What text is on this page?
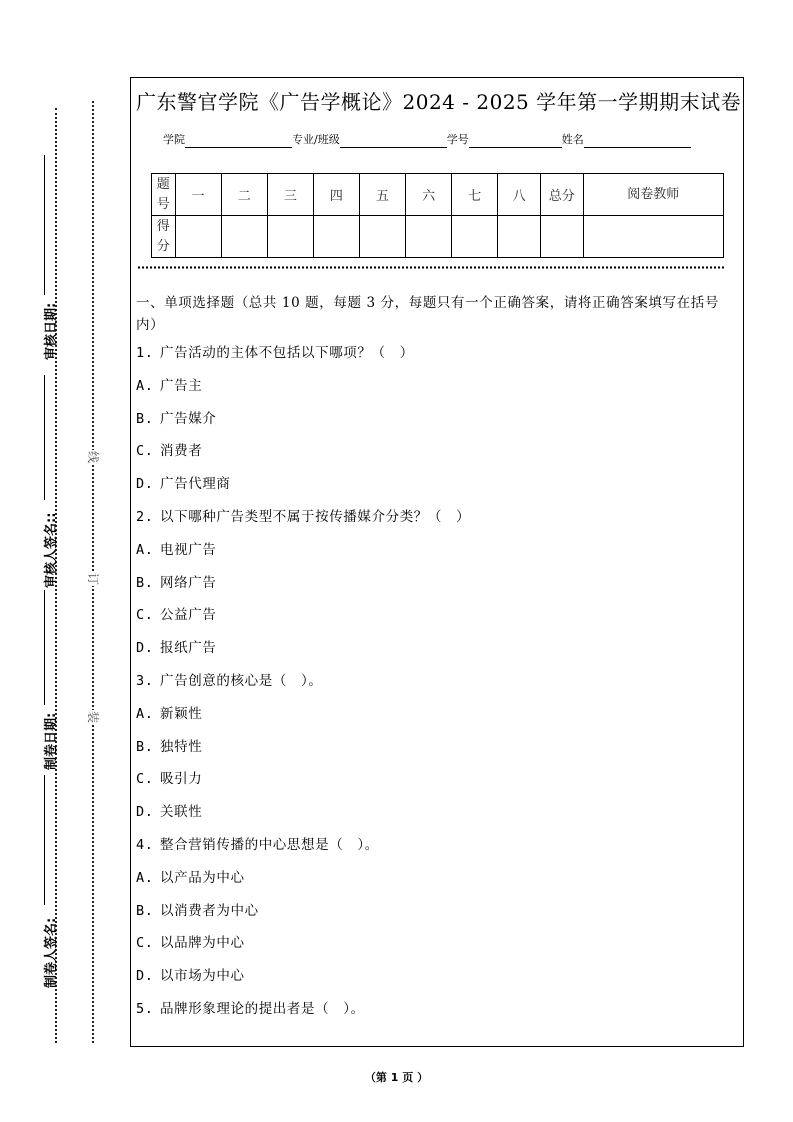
线
订
装
审核日期:
审核人签名::
制卷日期:
制卷人签名:
广东警官学院《广告学概论》2024 - 2025 学年第一学期期末试卷
学院	专业/班级	学号	姓名
题号	一	二	三	四	五	六	七	八	总分	阅卷教师
得分										
一、单项选择题（总共 10 题，每题 3 分，每题只有一个正确答案，请将正确答案填写在括号内）
1. 广告活动的主体不包括以下哪项？（　）
A. 广告主
B. 广告媒介
C. 消费者
D. 广告代理商
2. 以下哪种广告类型不属于按传播媒介分类？（　）
A. 电视广告
B. 网络广告
C. 公益广告
D. 报纸广告
3. 广告创意的核心是（　）。
A. 新颖性
B. 独特性
C. 吸引力
D. 关联性
4. 整合营销传播的中心思想是（　）。
A. 以产品为中心
B. 以消费者为中心
C. 以品牌为中心
D. 以市场为中心
5. 品牌形象理论的提出者是（　）。
（第 1 页 ）
